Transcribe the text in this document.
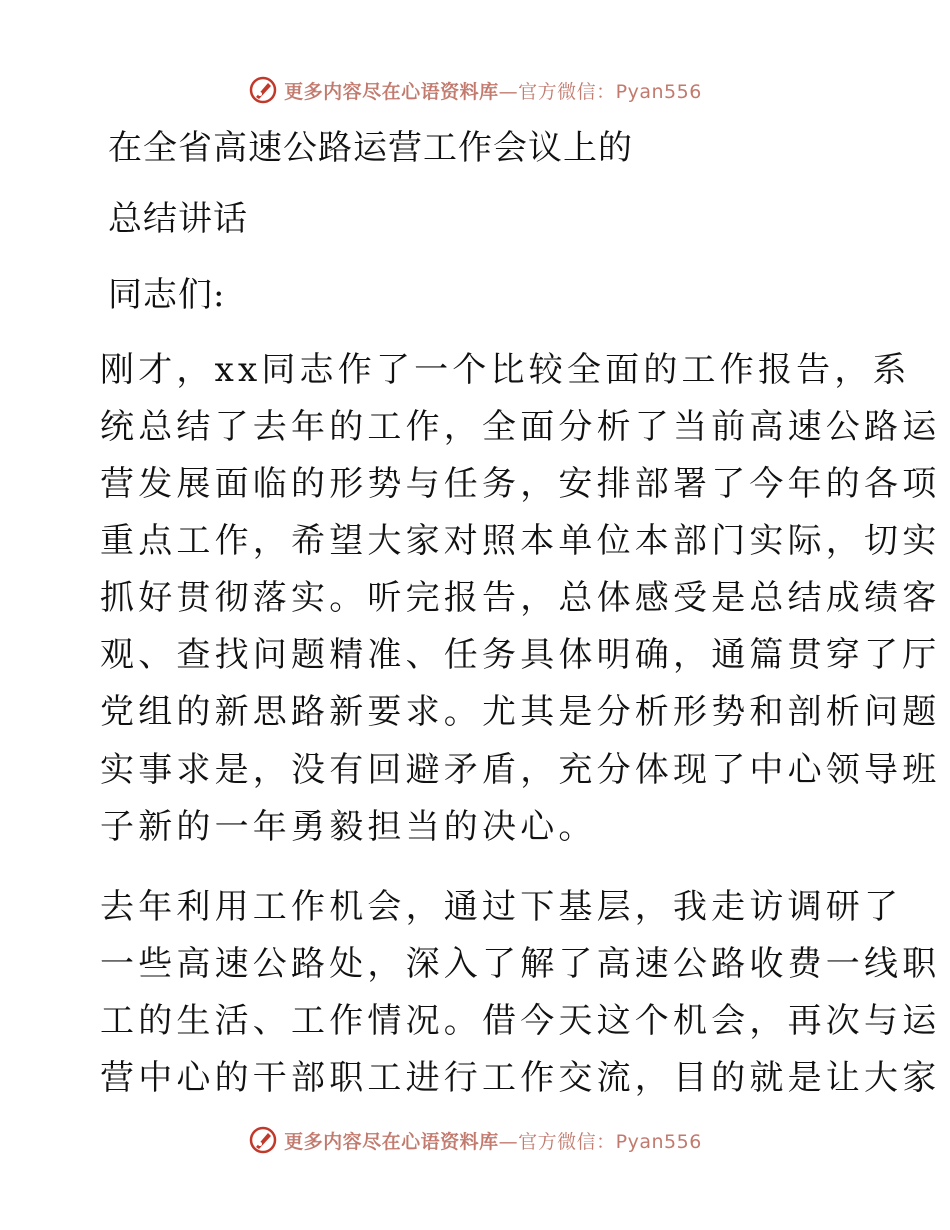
更多内容尽在心语资料库—官方微信：Pyan556
在全省高速公路运营工作会议上的
总结讲话
同志们:
刚才，xx同志作了一个比较全面的工作报告，系
统总结了去年的工作，全面分析了当前高速公路运
营发展面临的形势与任务，安排部署了今年的各项
重点工作，希望大家对照本单位本部门实际，切实
抓好贯彻落实。听完报告，总体感受是总结成绩客
观、查找问题精准、任务具体明确，通篇贯穿了厅
党组的新思路新要求。尤其是分析形势和剖析问题
实事求是，没有回避矛盾，充分体现了中心领导班
子新的一年勇毅担当的决心。
去年利用工作机会，通过下基层，我走访调研了
一些高速公路处，深入了解了高速公路收费一线职
工的生活、工作情况。借今天这个机会，再次与运
营中心的干部职工进行工作交流，目的就是让大家
更多内容尽在心语资料库—官方微信：Pyan556
